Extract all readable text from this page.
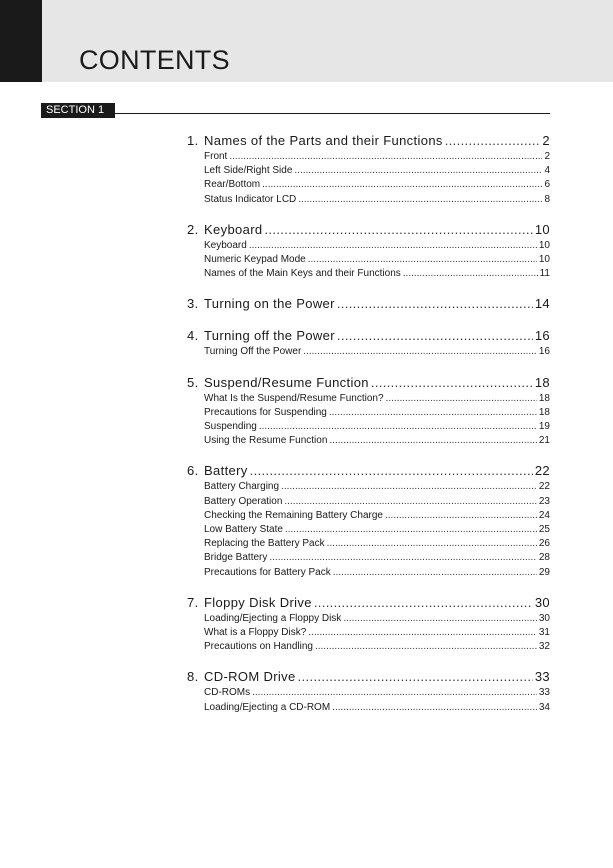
CONTENTS
SECTION 1
1. Names of the Parts and their Functions .....	2
Front .....	2
Left Side/Right Side .....	4
Rear/Bottom .....	6
Status Indicator LCD .....	8
2. Keyboard .....	10
Keyboard .....	10
Numeric Keypad Mode .....	10
Names of the Main Keys and their Functions .....	11
3. Turning on the Power .....	14
4. Turning off the Power .....	16
Turning Off the Power .....	16
5. Suspend/Resume Function .....	18
What Is the Suspend/Resume Function? .....	18
Precautions for Suspending .....	18
Suspending .....	19
Using the Resume Function .....	21
6. Battery .....	22
Battery Charging .....	22
Battery Operation .....	23
Checking the Remaining Battery Charge .....	24
Low Battery State .....	25
Replacing the Battery Pack .....	26
Bridge Battery .....	28
Precautions for Battery Pack .....	29
7. Floppy Disk Drive .....	30
Loading/Ejecting a Floppy Disk .....	30
What is a Floppy Disk? .....	31
Precautions on Handling .....	32
8. CD-ROM Drive .....	33
CD-ROMs .....	33
Loading/Ejecting a CD-ROM .....	34
